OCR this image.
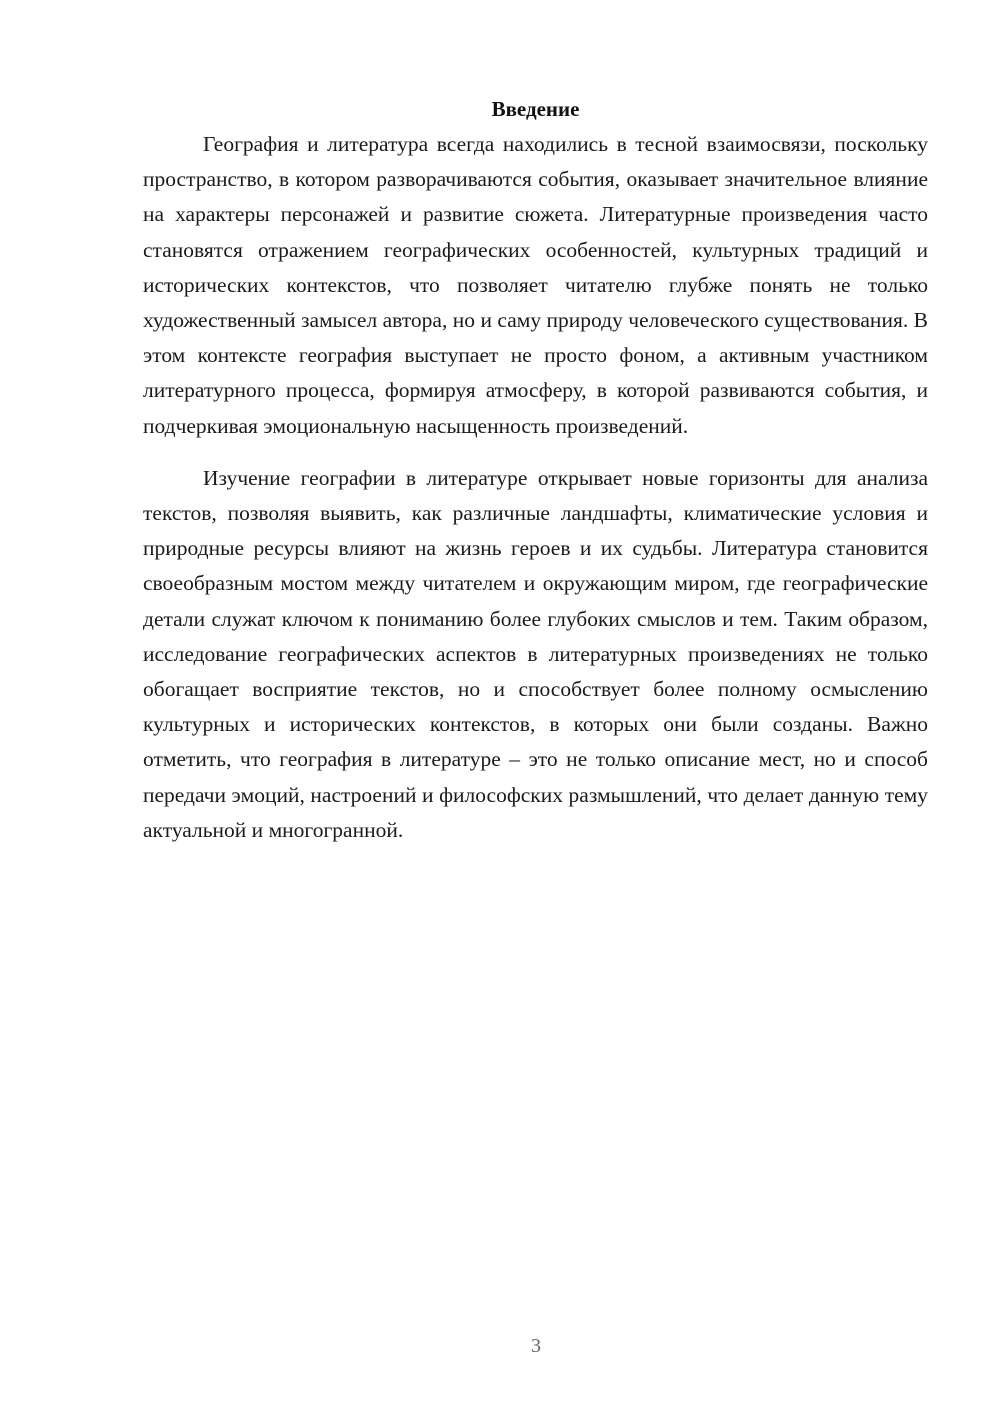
Введение

География и литература всегда находились в тесной взаимосвязи, поскольку пространство, в котором разворачиваются события, оказывает значительное влияние на характеры персонажей и развитие сюжета. Литературные произведения часто становятся отражением географических особенностей, культурных традиций и исторических контекстов, что позволяет читателю глубже понять не только художественный замысел автора, но и саму природу человеческого существования. В этом контексте география выступает не просто фоном, а активным участником литературного процесса, формируя атмосферу, в которой развиваются события, и подчеркивая эмоциональную насыщенность произведений.

Изучение географии в литературе открывает новые горизонты для анализа текстов, позволяя выявить, как различные ландшафты, климатические условия и природные ресурсы влияют на жизнь героев и их судьбы. Литература становится своеобразным мостом между читателем и окружающим миром, где географические детали служат ключом к пониманию более глубоких смыслов и тем. Таким образом, исследование географических аспектов в литературных произведениях не только обогащает восприятие текстов, но и способствует более полному осмыслению культурных и исторических контекстов, в которых они были созданы. Важно отметить, что география в литературе – это не только описание мест, но и способ передачи эмоций, настроений и философских размышлений, что делает данную тему актуальной и многогранной.

3
